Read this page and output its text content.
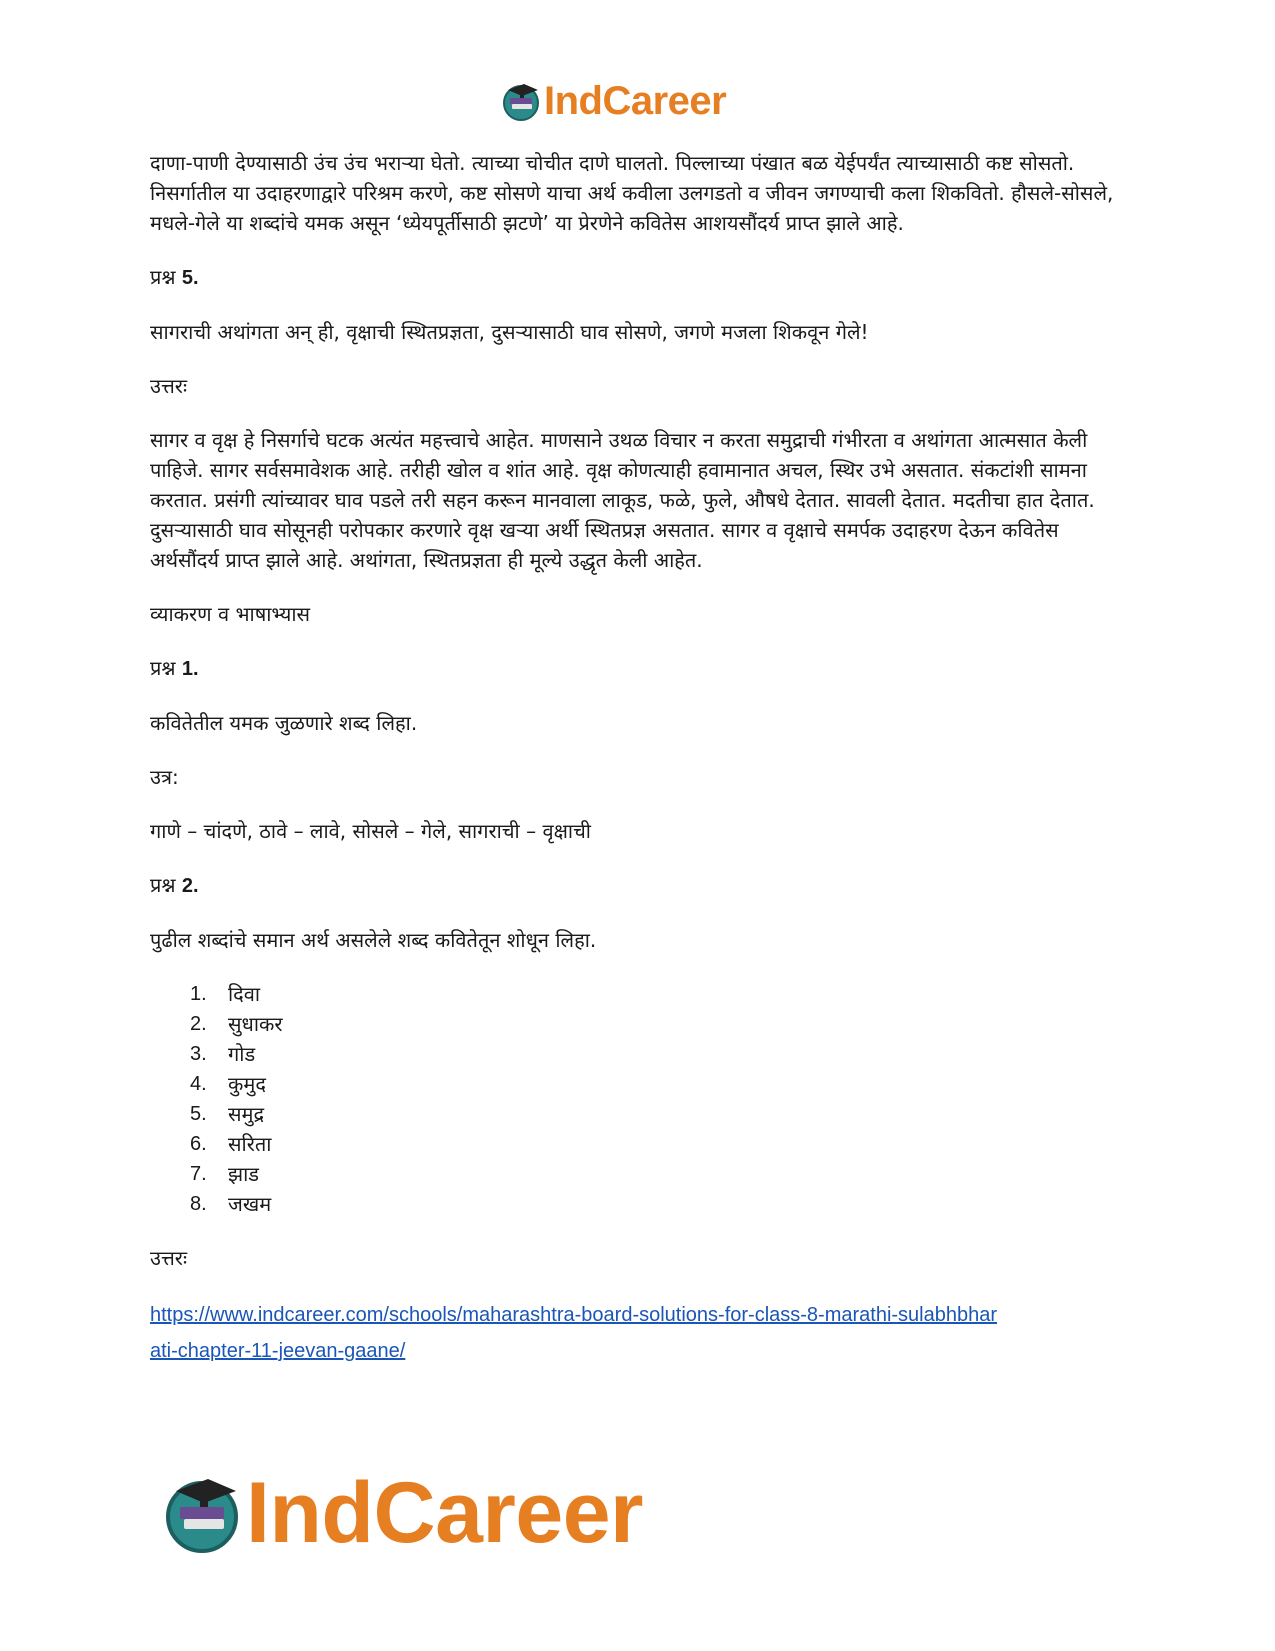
IndCareer

दाणा-पाणी देण्यासाठी उंच उंच भराऱ्या घेतो. त्याच्या चोचीत दाणे घालतो. पिल्लाच्या पंखात बळ येईपर्यंत त्याच्यासाठी कष्ट सोसतो. निसर्गातील या उदाहरणाद्वारे परिश्रम करणे, कष्ट सोसणे याचा अर्थ कवीला उलगडतो व जीवन जगण्याची कला शिकवितो. हौसले-सोसले, मधले-गेले या शब्दांचे यमक असून ‘ध्येयपूर्तीसाठी झटणे’ या प्रेरणेने कवितेस आशयसौंदर्य प्राप्त झाले आहे.

प्रश्न 5.

सागराची अथांगता अन् ही, वृक्षाची स्थितप्रज्ञता, दुसऱ्यासाठी घाव सोसणे, जगणे मजला शिकवून गेले!

उत्तरः

सागर व वृक्ष हे निसर्गाचे घटक अत्यंत महत्त्वाचे आहेत. माणसाने उथळ विचार न करता समुद्राची गंभीरता व अथांगता आत्मसात केली पाहिजे. सागर सर्वसमावेशक आहे. तरीही खोल व शांत आहे. वृक्ष कोणत्याही हवामानात अचल, स्थिर उभे असतात. संकटांशी सामना करतात. प्रसंगी त्यांच्यावर घाव पडले तरी सहन करून मानवाला लाकूड, फळे, फुले, औषधे देतात. सावली देतात. मदतीचा हात देतात. दुसऱ्यासाठी घाव सोसूनही परोपकार करणारे वृक्ष खऱ्या अर्थी स्थितप्रज्ञ असतात. सागर व वृक्षाचे समर्पक उदाहरण देऊन कवितेस अर्थसौंदर्य प्राप्त झाले आहे. अथांगता, स्थितप्रज्ञता ही मूल्ये उद्धृत केली आहेत.

व्याकरण व भाषाभ्यास

प्रश्न 1.

कवितेतील यमक जुळणारे शब्द लिहा.

उत्र:

गाणे – चांदणे, ठावे – लावे, सोसले – गेले, सागराची – वृक्षाची

प्रश्न 2.

पुढील शब्दांचे समान अर्थ असलेले शब्द कवितेतून शोधून लिहा.

1.	दिवा
2.	सुधाकर
3.	गोड
4.	कुमुद
5.	समुद्र
6.	सरिता
7.	झाड
8.	जखम

उत्तरः

https://www.indcareer.com/schools/maharashtra-board-solutions-for-class-8-marathi-sulabhbhar
ati-chapter-11-jeevan-gaane/
IndCareer
